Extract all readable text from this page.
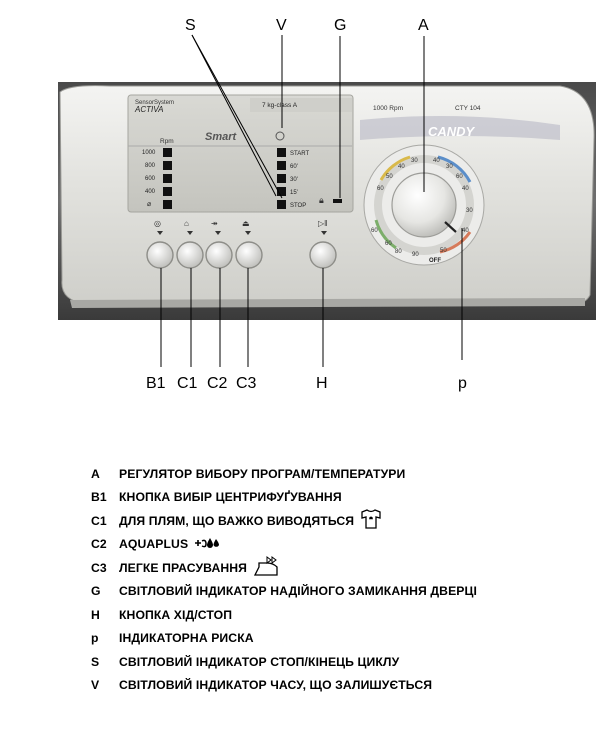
SensorSystem
ACTIVA	7 kg-class A
Smart
Rpm
1000
800
600
400
⌀
START
60'
30'
15'
STOP
🔒︎
◎	⌂	↠	⏏	▷‖
1000 Rpm	CTY 104
CANDY
30
40
50
60
60
60
80
40
30
60
40
30
40
50
90
OFF
S	V	G	A
B1 C1 C2 C3	H	p
A	РЕГУЛЯТОР ВИБОРУ ПРОГРАМ/ТЕМПЕРАТУРИ
B1	КНОПКА ВИБІР ЦЕНТРИФУҐУВАННЯ
C1	ДЛЯ ПЛЯМ, ЩО ВАЖКО ВИВОДЯТЬСЯ
C2	AQUAPLUS
C3	ЛЕГКЕ ПРАСУВАННЯ
G	СВІТЛОВИЙ ІНДИКАТОР НАДІЙНОГО ЗАМИКАННЯ ДВЕРЦІ
H	КНОПКА ХІД/СТОП
p	ІНДИКАТОРНА РИСКА
S	СВІТЛОВИЙ ІНДИКАТОР СТОП/КІНЕЦЬ ЦИКЛУ
V	СВІТЛОВИЙ ІНДИКАТОР ЧАСУ, ЩО ЗАЛИШУЄТЬСЯ
